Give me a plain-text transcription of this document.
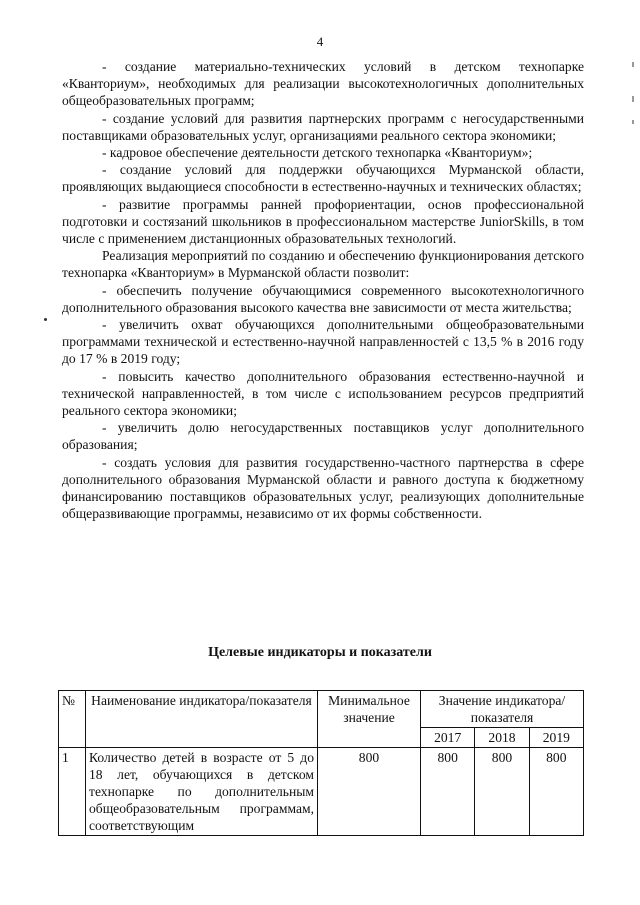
4

- создание материально-технических условий в детском технопарке «Кванториум», необходимых для реализации высокотехнологичных дополнительных общеобразовательных программ;

- создание условий для развития партнерских программ с негосударственными поставщиками образовательных услуг, организациями реального сектора экономики;

- кадровое обеспечение деятельности детского технопарка «Кванториум»;

- создание условий для поддержки обучающихся Мурманской области, проявляющих выдающиеся способности в естественно-научных и технических областях;

- развитие программы ранней профориентации, основ профессиональной подготовки и состязаний школьников в профессиональном мастерстве JuniorSkills, в том числе с применением дистанционных образовательных технологий.

Реализация мероприятий по созданию и обеспечению функционирования детского технопарка «Кванториум» в Мурманской области позволит:

- обеспечить получение обучающимися современного высокотехнологичного дополнительного образования высокого качества вне зависимости от места жительства;

- увеличить охват обучающихся дополнительными общеобразовательными программами технической и естественно-научной направленностей с 13,5 % в 2016 году до 17 % в 2019 году;

- повысить качество дополнительного образования естественно-научной и технической направленностей, в том числе с использованием ресурсов предприятий реального сектора экономики;

- увеличить долю негосударственных поставщиков услуг дополнительного образования;

- создать условия для развития государственно-частного партнерства в сфере дополнительного образования Мурманской области и равного доступа к бюджетному финансированию поставщиков образовательных услуг, реализующих дополнительные общеразвивающие программы, независимо от их формы собственности.

Целевые индикаторы и показатели
№	Наименование индикатора/показателя	Минимальное значение	Значение индикатора/показателя		
			2017	2018	2019
1	Количество детей в возрасте от 5 до 18 лет, обучающихся в детском технопарке по дополнительным общеобразовательным программам, соответствующим	800	800	800	800
